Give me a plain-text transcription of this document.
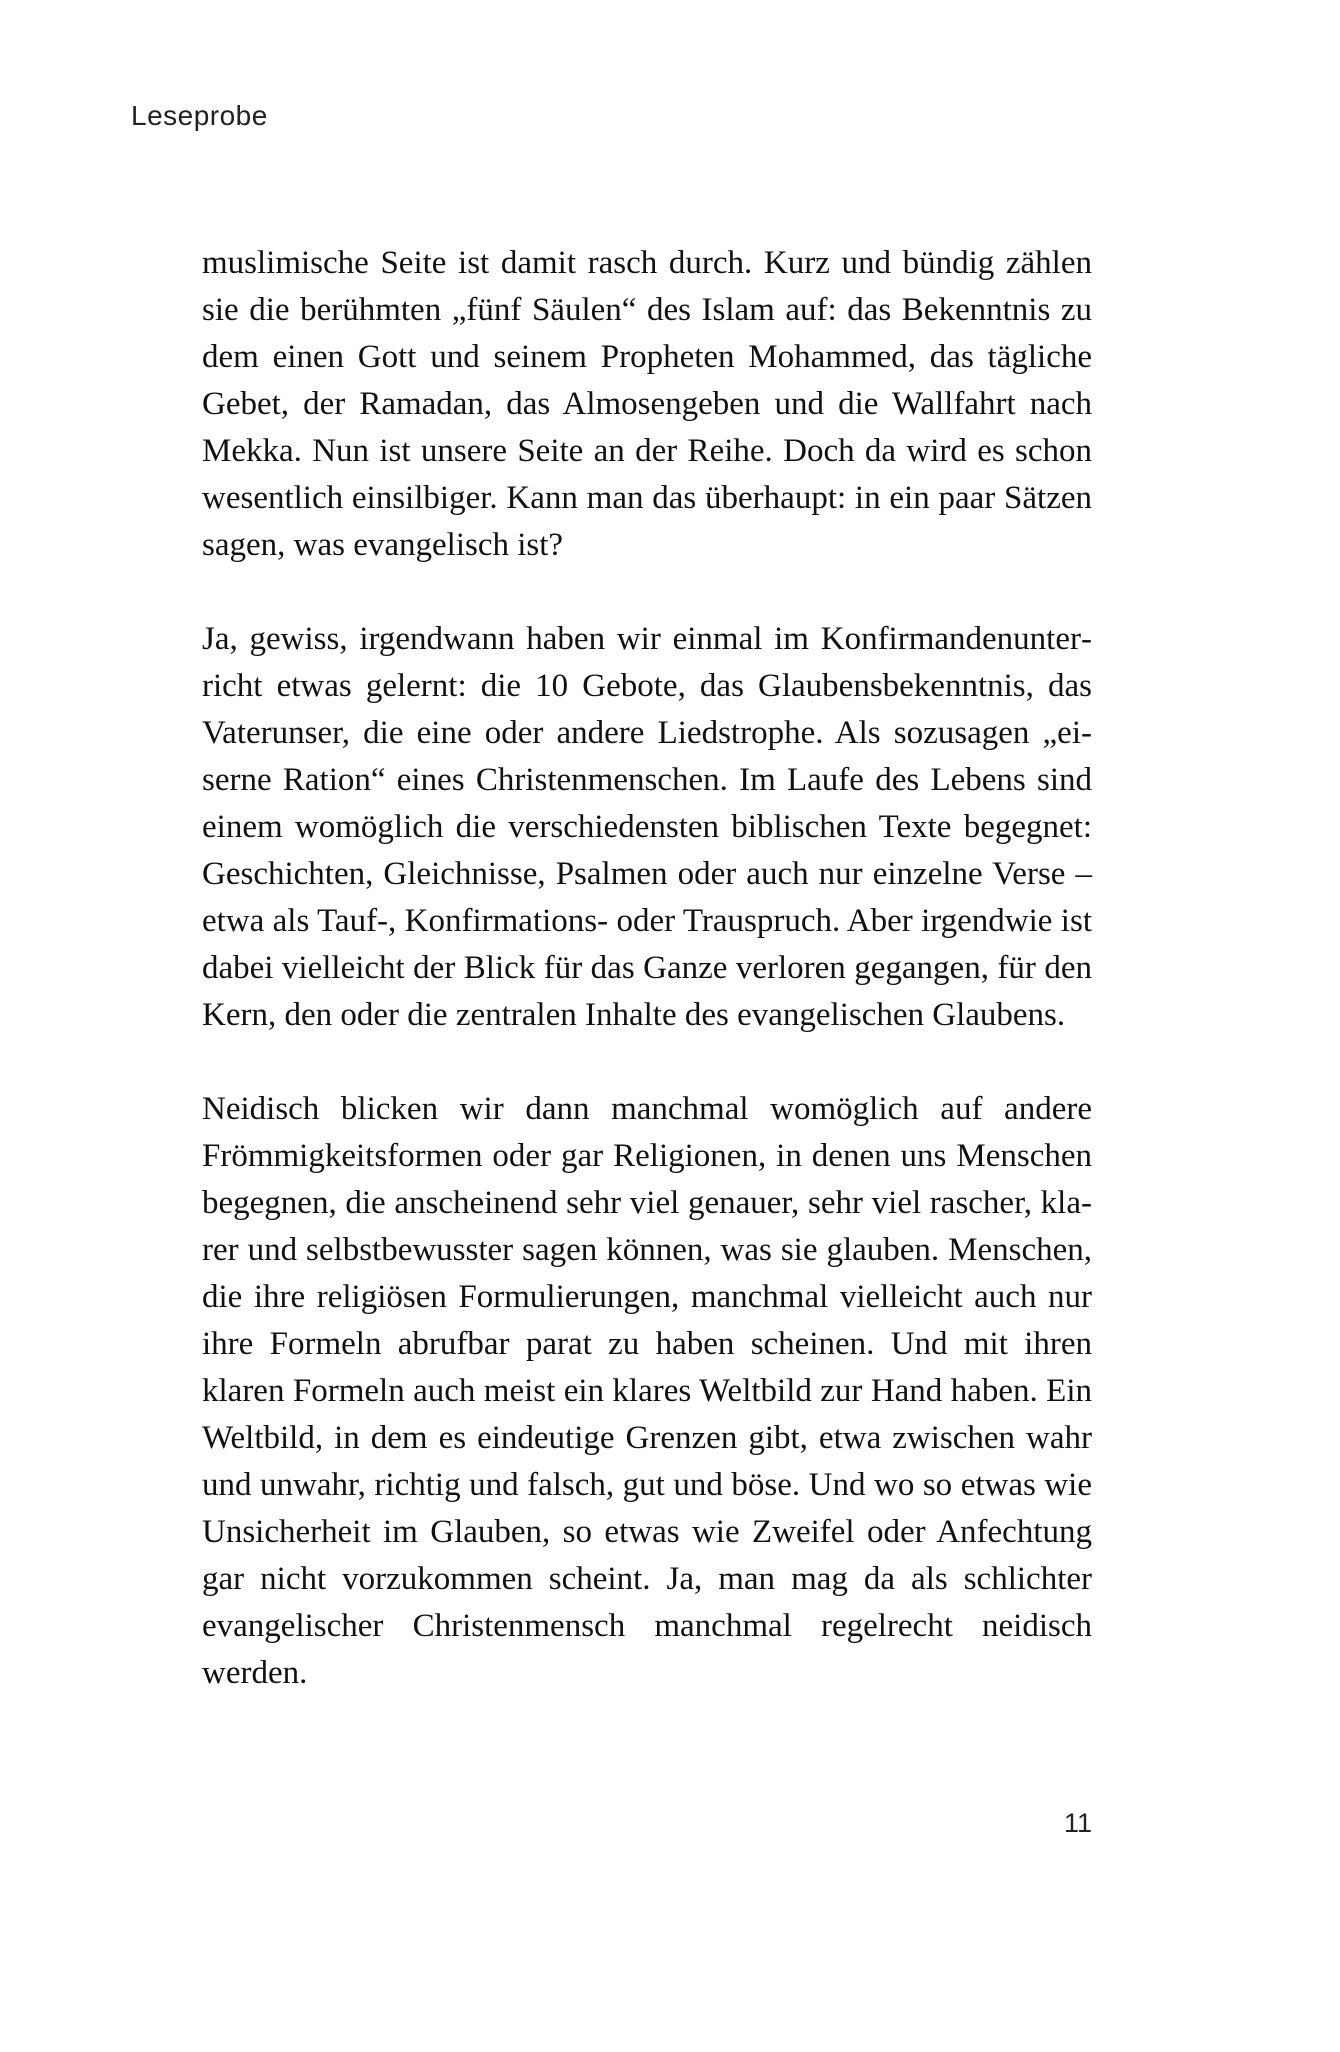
Leseprobe

muslimische Seite ist damit rasch durch. Kurz und bündig zählen sie die berühmten „fünf Säulen“ des Islam auf: das Bekenntnis zu dem einen Gott und seinem Propheten Mohammed, das tägliche Gebet, der Ramadan, das Almosengeben und die Wallfahrt nach Mekka. Nun ist unsere Seite an der Reihe. Doch da wird es schon wesentlich einsilbiger. Kann man das überhaupt: in ein paar Sätzen sagen, was evangelisch ist?

Ja, gewiss, irgendwann haben wir einmal im Konfirmandenunterricht etwas gelernt: die 10 Gebote, das Glaubensbekenntnis, das Vaterunser, die eine oder andere Liedstrophe. Als sozusagen „eiserne Ration“ eines Christenmenschen. Im Laufe des Lebens sind einem womöglich die verschiedensten biblischen Texte begegnet: Geschichten, Gleichnisse, Psalmen oder auch nur einzelne Verse – etwa als Tauf-, Konfirmations- oder Trauspruch. Aber irgendwie ist dabei vielleicht der Blick für das Ganze verloren gegangen, für den Kern, den oder die zentralen Inhalte des evangelischen Glaubens.

Neidisch blicken wir dann manchmal womöglich auf andere Frömmigkeitsformen oder gar Religionen, in denen uns Menschen begegnen, die anscheinend sehr viel genauer, sehr viel rascher, klarer und selbstbewusster sagen können, was sie glauben. Menschen, die ihre religiösen Formulierungen, manchmal vielleicht auch nur ihre Formeln abrufbar parat zu haben scheinen. Und mit ihren klaren Formeln auch meist ein klares Weltbild zur Hand haben. Ein Weltbild, in dem es eindeutige Grenzen gibt, etwa zwischen wahr und unwahr, richtig und falsch, gut und böse. Und wo so etwas wie Unsicherheit im Glauben, so etwas wie Zweifel oder Anfechtung gar nicht vorzukommen scheint. Ja, man mag da als schlichter evangelischer Christenmensch manchmal regelrecht neidisch werden.

11
